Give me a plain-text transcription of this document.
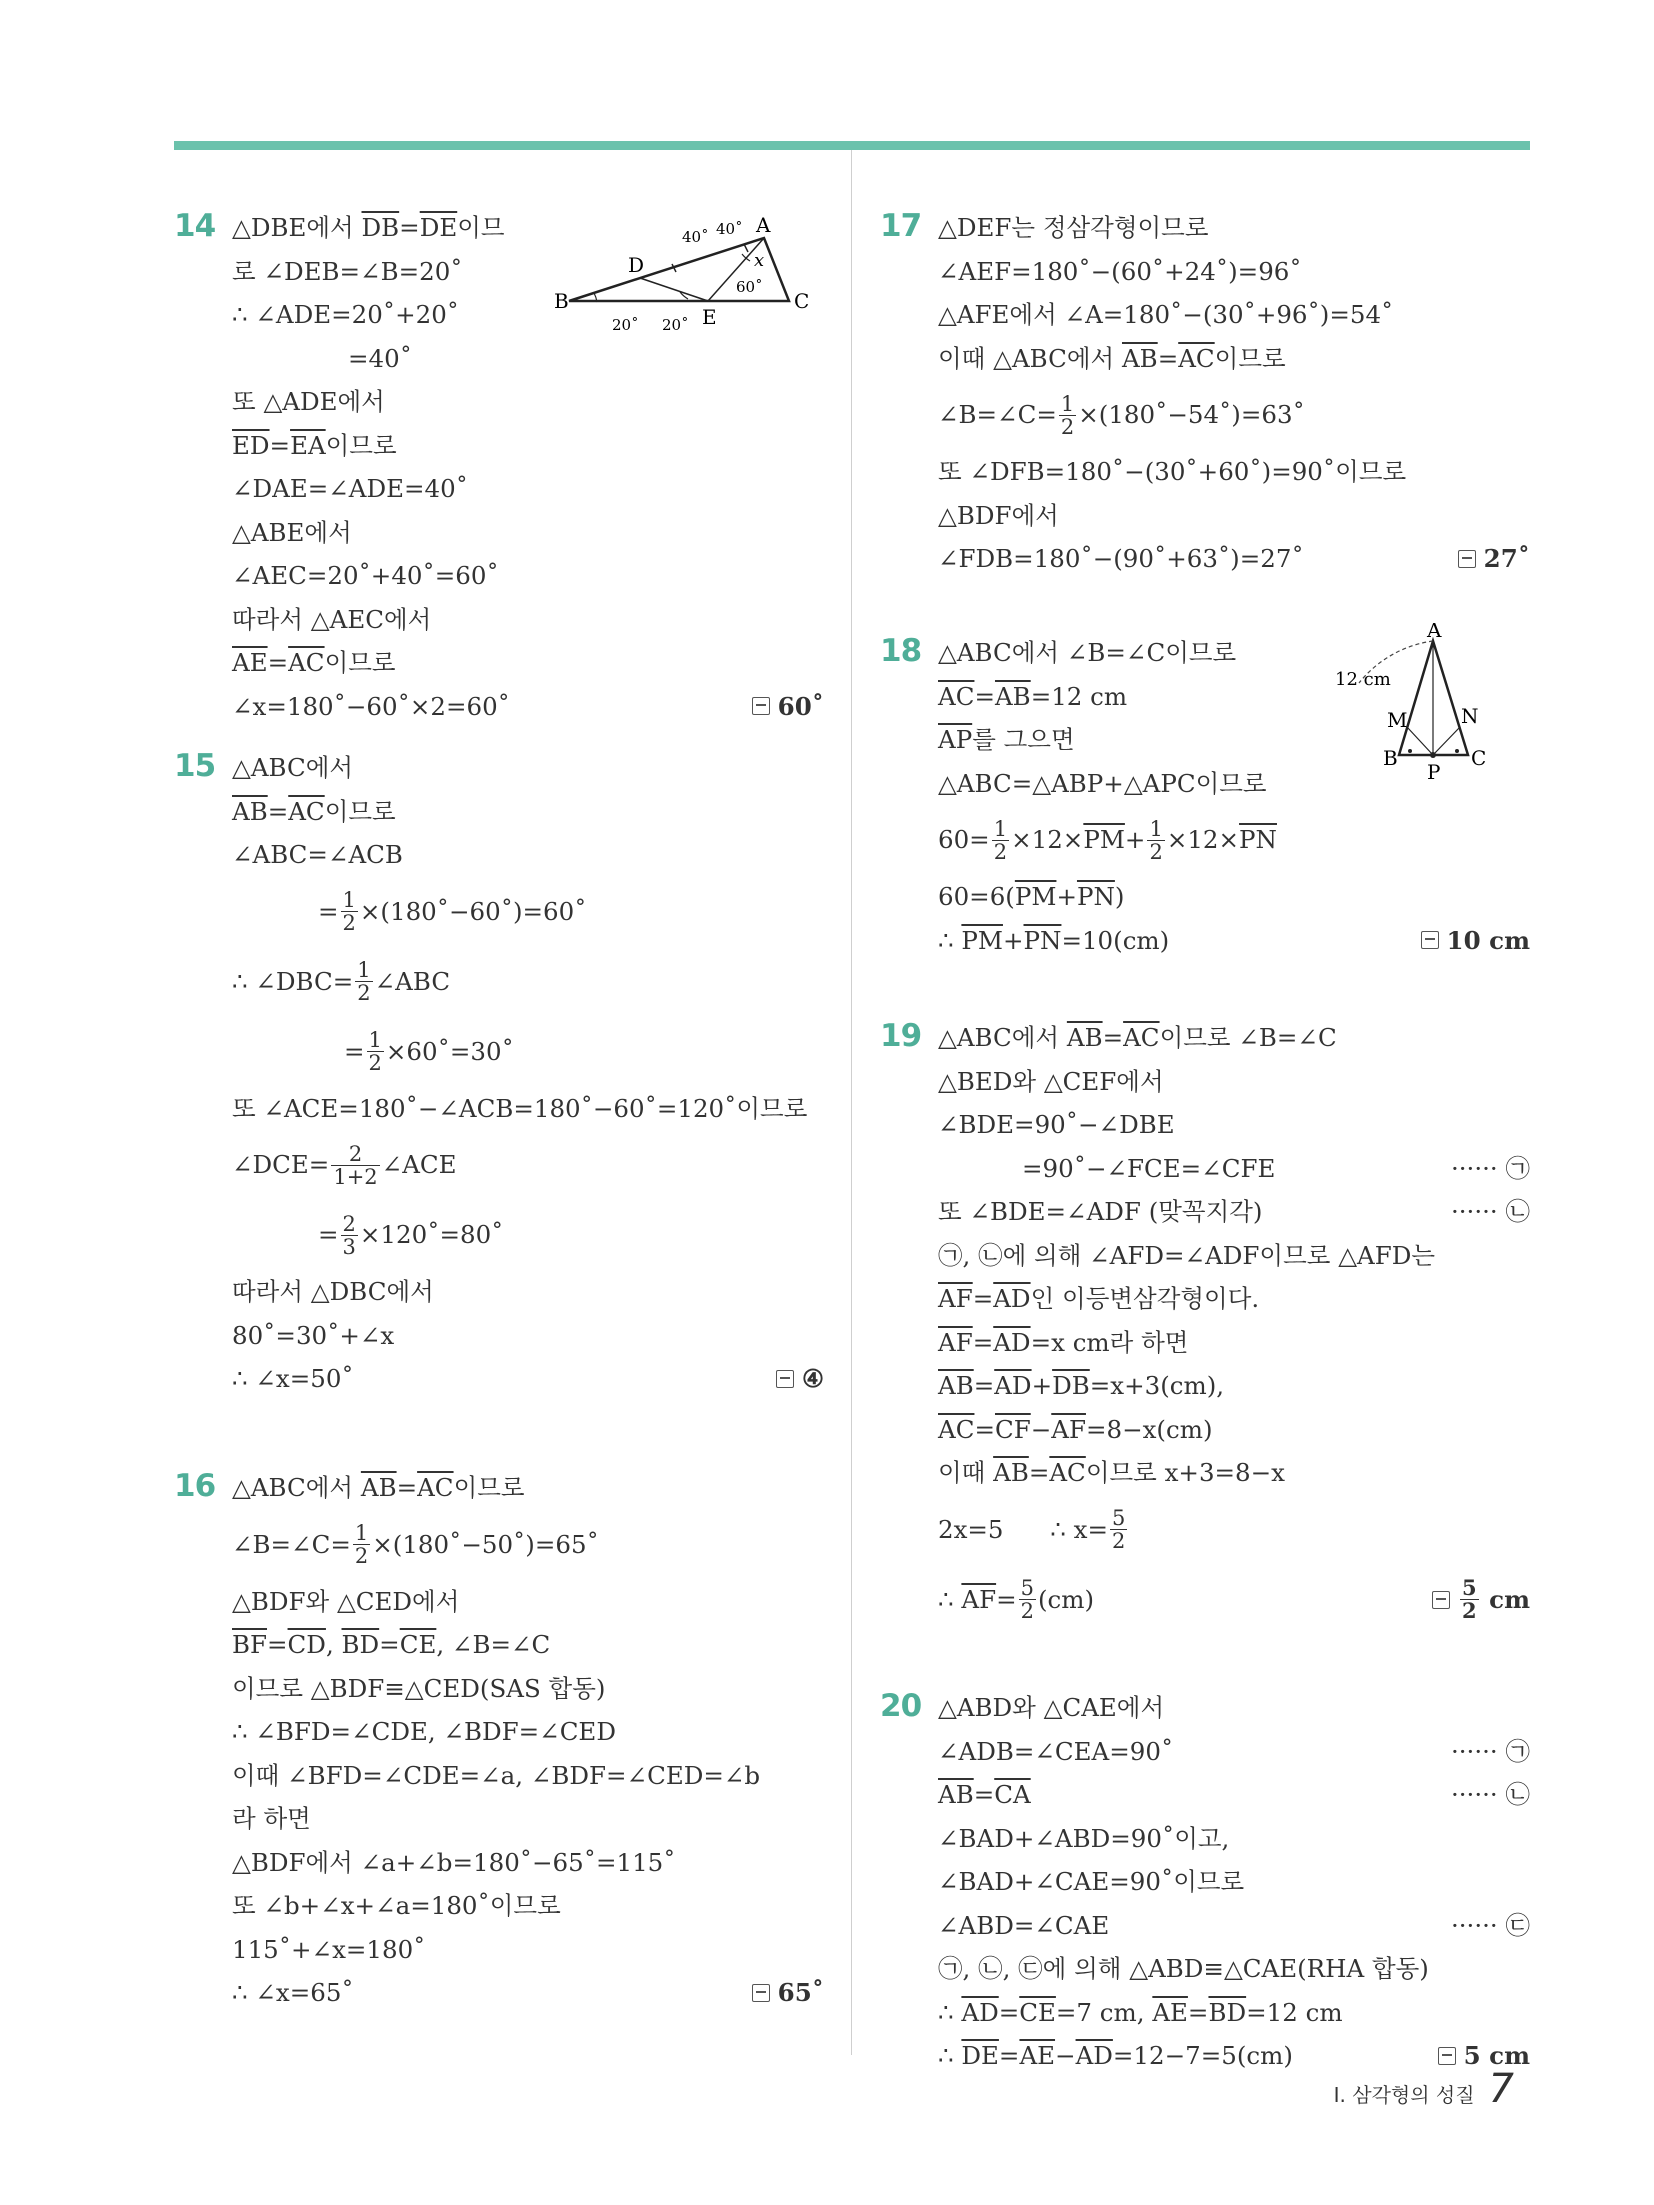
14 △DBE에서 $\overline{DB} = \overline{DE}$ 이므
로 ∠DEB=∠B=20˚
∴ ∠ADE=20˚+20˚
=40˚
또 △ADE에서
$\overline{ED} = \overline{EA}$ 이므로
∠DAE=∠ADE=40˚
△ABE에서
∠AEC=20˚+40˚=60˚
따라서 △AEC에서
$\overline{AE} = \overline{AC}$ 이므로
∠x=180˚−60˚×2=60˚	60˚
A
B	C
D
E
x
40˚ 40˚
60˚
20˚ 20˚
15 △ABC에서
$\overline{AB} = \overline{AC}$ 이므로
∠ABC=∠ACB
= $\frac{1}{2}$ ×(180˚−60˚)=60˚
∴ ∠DBC= $\frac{1}{2}$ ∠ABC
= $\frac{1}{2}$ ×60˚=30˚
또 ∠ACE=180˚−∠ACB=180˚−60˚=120˚이므로
∠DCE= $\frac{2}{1+2}$ ∠ACE
= $\frac{2}{3}$ ×120˚=80˚
따라서 △DBC에서
80˚=30˚+∠x
∴ ∠x=50˚	④
16 △ABC에서 $\overline{AB} = \overline{AC}$ 이므로
∠B=∠C= $\frac{1}{2}$ ×(180˚−50˚)=65˚
△BDF와 △CED에서
$\overline{BF} = \overline{CD}$ , $\overline{BD} = \overline{CE}$ , ∠B=∠C
이므로 △BDF≡△CED(SAS 합동)
∴ ∠BFD=∠CDE, ∠BDF=∠CED
이때 ∠BFD=∠CDE=∠a, ∠BDF=∠CED=∠b
라 하면
△BDF에서 ∠a+∠b=180˚−65˚=115˚
또 ∠b+∠x+∠a=180˚이므로
115˚+∠x=180˚
∴ ∠x=65˚	65˚
17 △DEF는 정삼각형이므로
∠AEF=180˚−(60˚+24˚)=96˚
△AFE에서 ∠A=180˚−(30˚+96˚)=54˚
이때 △ABC에서 $\overline{AB} = \overline{AC}$ 이므로
∠B=∠C= $\frac{1}{2}$ ×(180˚−54˚)=63˚
또 ∠DFB=180˚−(30˚+60˚)=90˚이므로
△BDF에서
∠FDB=180˚−(90˚+63˚)=27˚	27˚
18 △ABC에서 ∠B=∠C이므로
$\overline{AC} = \overline{AB} =12$ cm
$\overline{AP}$ 를 그으면
△ABC=△ABP+△APC이므로
$60= \frac{1}{2} \times 12\times \overline{PM} + \frac{1}{2} \times 12\times \overline{PN}$
60=6( $\overline{PM} + \overline{PN}$ )
∴ $\overline{PM} + \overline{PN} =10(cm)$	10 cm
A
B	C
M	N
P
12 cm
19 △ABC에서 $\overline{AB} = \overline{AC}$ 이므로 ∠B=∠C
△BED와 △CEF에서
∠BDE=90˚−∠DBE
=90˚−∠FCE=∠CFE	······ ㉠
또 ∠BDE=∠ADF (맞꼭지각)	······ ㉡
㉠, ㉡에 의해 ∠AFD=∠ADF이므로 △AFD는
$\overline{AF} = \overline{AD}$ 인 이등변삼각형이다.
$\overline{AF} = \overline{AD} =x$ cm라 하면
$\overline{AB} = \overline{AD} + \overline{DB} =x+3(cm)$,
$\overline{AC} = \overline{CF} - \overline{AF} =8-x(cm)$
이때 $\overline{AB} = \overline{AC}$ 이므로 x+3=8−x
2x=5      ∴ $x= \frac{5}{2}$
∴ $\overline{AF} = \frac{5}{2} (cm)$	$\frac{5}{2}$ cm
20 △ABD와 △CAE에서
∠ADB=∠CEA=90˚	······ ㉠
$\overline{AB} = \overline{CA}$	······ ㉡
∠BAD+∠ABD=90˚이고,
∠BAD+∠CAE=90˚이므로
∠ABD=∠CAE	······ ㉢
㉠, ㉡, ㉢에 의해 △ABD≡△CAE(RHA 합동)
∴ $\overline{AD} = \overline{CE} =7$ cm, $\overline{AE} = \overline{BD} =12$ cm
∴ $\overline{DE} = \overline{AE} - \overline{AD} =12-7=5(cm)$	5 cm
I. 삼각형의 성질 7
